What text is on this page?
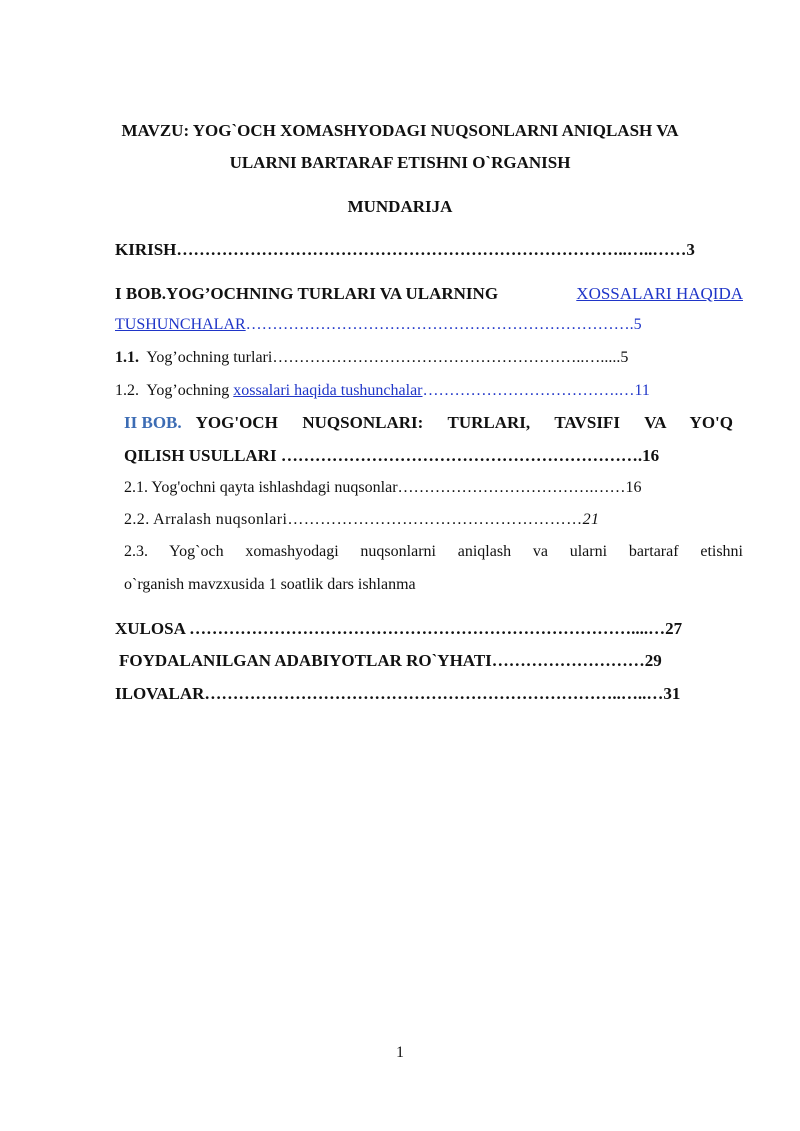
MAVZU: YOG`OCH XOMASHYODAGI NUQSONLARNI ANIQLASH VA
ULARNI BARTARAF ETISHNI O`RGANISH
MUNDARIJA
KIRISH……………………………………………………………………..…..……3
I BOB.YOG’OCHNING TURLARI VA ULARNING	XOSSALARI HAQIDA
TUSHUNCHALAR……………………………………………………………….5
1.1. Yog’ochning turlari…………………………………………………..….....5
1.2. Yog’ochning xossalari haqida tushunchalar……………………………….…11
II BOB. YOG'OCH NUQSONLARI: TURLARI, TAVSIFI VA YO'Q
QILISH USULLARI ……………………………………………………….16
2.1. Yog'ochni qayta ishlashdagi nuqsonlar……………………………….……16
2.2. Arralash nuqsonlari………………………………………………21
2.3. Yog`och xomashyodagi nuqsonlarni aniqlash va ularni bartaraf etishni
o`rganish mavzxusida 1 soatlik dars ishlanma
XULOSA ……………………………………………………………………....…27
FOYDALANILGAN ADABIYOTLAR RO`YHATI………………………29
ILOVALAR………………………………………………………………..…..…31
1
